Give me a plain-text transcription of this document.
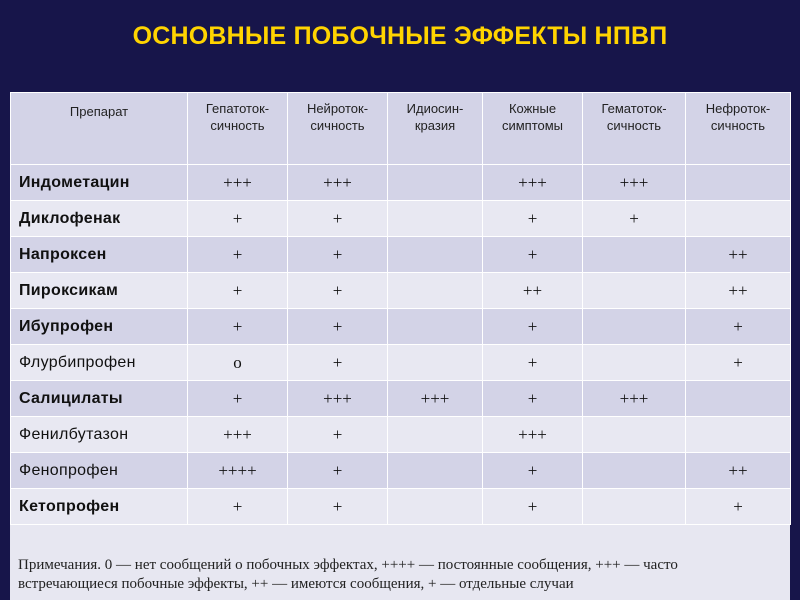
ОСНОВНЫЕ ПОБОЧНЫЕ ЭФФЕКТЫ НПВП
Препарат	Гепатоток-сичность	Нейроток-сичность	Идиосин-кразия	Кожные симптомы	Гематоток-сичность	Нефроток-сичность
Индометацин	+++	+++		+++	+++	
Диклофенак	+	+		+	+	
Напроксен	+	+		+		++
Пироксикам	+	+		++		++
Ибупрофен	+	+		+		+
Флурбипрофен	о	+		+		+
Салицилаты	+	+++	+++	+	+++	
Фенилбутазон	+++	+		+++		
Фенопрофен	++++	+		+		++
Кетопрофен	+	+		+		+
Примечания. 0 — нет сообщений о побочных эффектах, ++++ — постоянные сообщения, +++ — часто встречающиеся побочные эффекты, ++ — имеются сообщения, + — отдельные случаи
